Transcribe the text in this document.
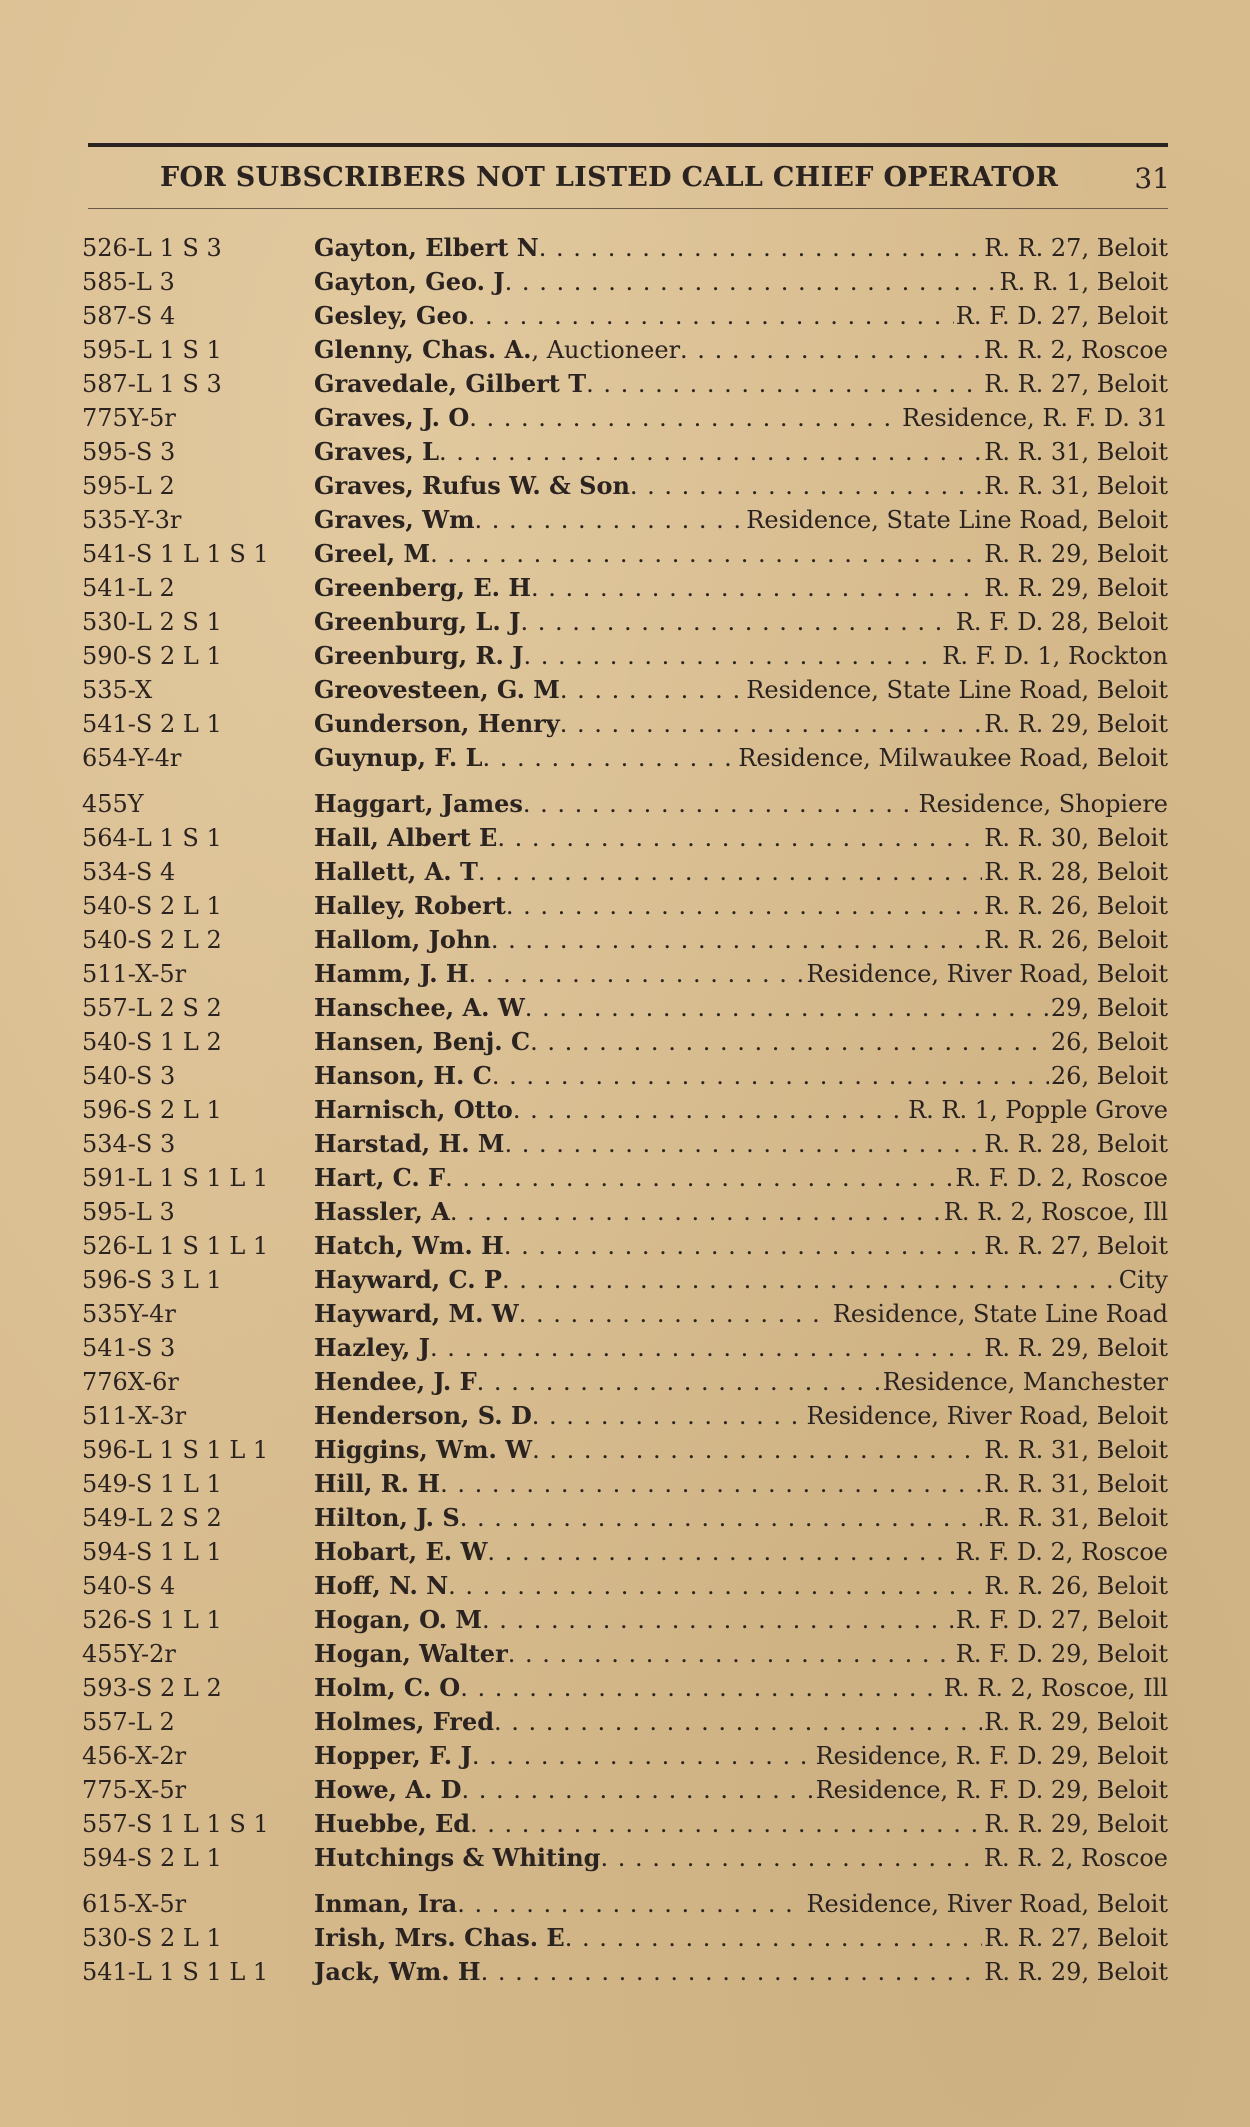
FOR SUBSCRIBERS NOT LISTED CALL CHIEF OPERATOR	31
526-L 1 S 3	Gayton, Elbert N . . .	R. R. 27, Beloit
585-L 3	Gayton, Geo. J . . .	R. R. 1, Beloit
587-S 4	Gesley, Geo . . .	R. F. D. 27, Beloit
595-L 1 S 1	Glenny, Chas. A. , Auctioneer . . .	R. R. 2, Roscoe
587-L 1 S 3	Gravedale, Gilbert T . . .	R. R. 27, Beloit
775Y-5r	Graves, J. O . . .	Residence, R. F. D. 31
595-S 3	Graves, L . . .	R. R. 31, Beloit
595-L 2	Graves, Rufus W. & Son . . .	R. R. 31, Beloit
535-Y-3r	Graves, Wm . . .	Residence, State Line Road, Beloit
541-S 1 L 1 S 1	Greel, M . . .	R. R. 29, Beloit
541-L 2	Greenberg, E. H . . .	R. R. 29, Beloit
530-L 2 S 1	Greenburg, L. J . . .	R. F. D. 28, Beloit
590-S 2 L 1	Greenburg, R. J . . .	R. F. D. 1, Rockton
535-X	Greovesteen, G. M . . .	Residence, State Line Road, Beloit
541-S 2 L 1	Gunderson, Henry . . .	R. R. 29, Beloit
654-Y-4r	Guynup, F. L . . .	Residence, Milwaukee Road, Beloit
455Y	Haggart, James . . .	Residence, Shopiere
564-L 1 S 1	Hall, Albert E . . .	R. R. 30, Beloit
534-S 4	Hallett, A. T . . .	R. R. 28, Beloit
540-S 2 L 1	Halley, Robert . . .	R. R. 26, Beloit
540-S 2 L 2	Hallom, John . . .	R. R. 26, Beloit
511-X-5r	Hamm, J. H . . .	Residence, River Road, Beloit
557-L 2 S 2	Hanschee, A. W . . .	29, Beloit
540-S 1 L 2	Hansen, Benj. C . . .	26, Beloit
540-S 3	Hanson, H. C . . .	26, Beloit
596-S 2 L 1	Harnisch, Otto . . .	R. R. 1, Popple Grove
534-S 3	Harstad, H. M . . .	R. R. 28, Beloit
591-L 1 S 1 L 1	Hart, C. F . . .	R. F. D. 2, Roscoe
595-L 3	Hassler, A . . .	R. R. 2, Roscoe, Ill
526-L 1 S 1 L 1	Hatch, Wm. H . . .	R. R. 27, Beloit
596-S 3 L 1	Hayward, C. P . . .	City
535Y-4r	Hayward, M. W . . .	Residence, State Line Road
541-S 3	Hazley, J . . .	R. R. 29, Beloit
776X-6r	Hendee, J. F . . .	Residence, Manchester
511-X-3r	Henderson, S. D . . .	Residence, River Road, Beloit
596-L 1 S 1 L 1	Higgins, Wm. W . . .	R. R. 31, Beloit
549-S 1 L 1	Hill, R. H . . .	R. R. 31, Beloit
549-L 2 S 2	Hilton, J. S . . .	R. R. 31, Beloit
594-S 1 L 1	Hobart, E. W . . .	R. F. D. 2, Roscoe
540-S 4	Hoff, N. N . . .	R. R. 26, Beloit
526-S 1 L 1	Hogan, O. M . . .	R. F. D. 27, Beloit
455Y-2r	Hogan, Walter . . .	R. F. D. 29, Beloit
593-S 2 L 2	Holm, C. O . . .	R. R. 2, Roscoe, Ill
557-L 2	Holmes, Fred . . .	R. R. 29, Beloit
456-X-2r	Hopper, F. J . . .	Residence, R. F. D. 29, Beloit
775-X-5r	Howe, A. D . . .	Residence, R. F. D. 29, Beloit
557-S 1 L 1 S 1	Huebbe, Ed . . .	R. R. 29, Beloit
594-S 2 L 1	Hutchings & Whiting . . .	R. R. 2, Roscoe
615-X-5r	Inman, Ira . . .	Residence, River Road, Beloit
530-S 2 L 1	Irish, Mrs. Chas. E . . .	R. R. 27, Beloit
541-L 1 S 1 L 1	Jack, Wm. H . . .	R. R. 29, Beloit
